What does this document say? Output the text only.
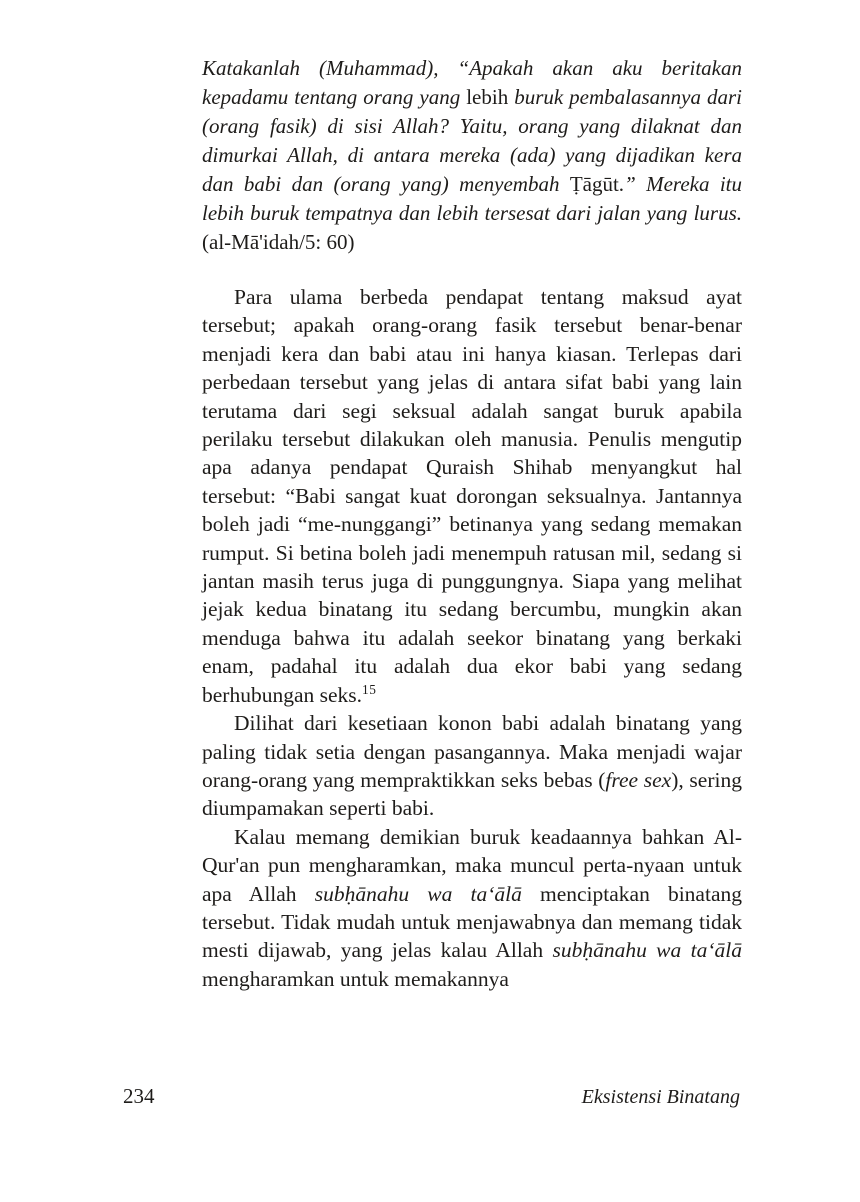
Katakanlah (Muhammad), “Apakah akan aku beritakan kepadamu tentang orang yang lebih buruk pembalasannya dari (orang fasik) di sisi Allah? Yaitu, orang yang dilaknat dan dimurkai Allah, di antara mereka (ada) yang dijadikan kera dan babi dan (orang yang) menyembah Ṭāgūt.” Mereka itu lebih buruk tempatnya dan lebih tersesat dari jalan yang lurus.(al-Mā'idah/5: 60)

Para ulama berbeda pendapat tentang maksud ayat tersebut; apakah orang-orang fasik tersebut benar-benar menjadi kera dan babi atau ini hanya kiasan. Terlepas dari perbedaan tersebut yang jelas di antara sifat babi yang lain terutama dari segi seksual adalah sangat buruk apabila perilaku tersebut dilakukan oleh manusia. Penulis mengutip apa adanya pendapat Quraish Shihab menyangkut hal tersebut: “Babi sangat kuat dorongan seksualnya. Jantannya boleh jadi “me-nunggangi” betinanya yang sedang memakan rumput. Si betina boleh jadi menempuh ratusan mil, sedang si jantan masih terus juga di punggungnya. Siapa yang melihat jejak kedua binatang itu sedang bercumbu, mungkin akan menduga bahwa itu adalah seekor binatang yang berkaki enam, padahal itu adalah dua ekor babi yang sedang berhubungan seks.$^{15}$

Dilihat dari kesetiaan konon babi adalah binatang yang paling tidak setia dengan pasangannya. Maka menjadi wajar orang-orang yang mempraktikkan seks bebas (free sex), sering diumpamakan seperti babi.

Kalau memang demikian buruk keadaannya bahkan Al-Qur'an pun mengharamkan, maka muncul perta-nyaan untuk apa Allah subḥānahu wa ta‘ālā menciptakan binatang tersebut. Tidak mudah untuk menjawabnya dan memang tidak mesti dijawab, yang jelas kalau Allah subḥānahu wa ta‘ālā mengharamkan untuk memakannya

234	Eksistensi Binatang
